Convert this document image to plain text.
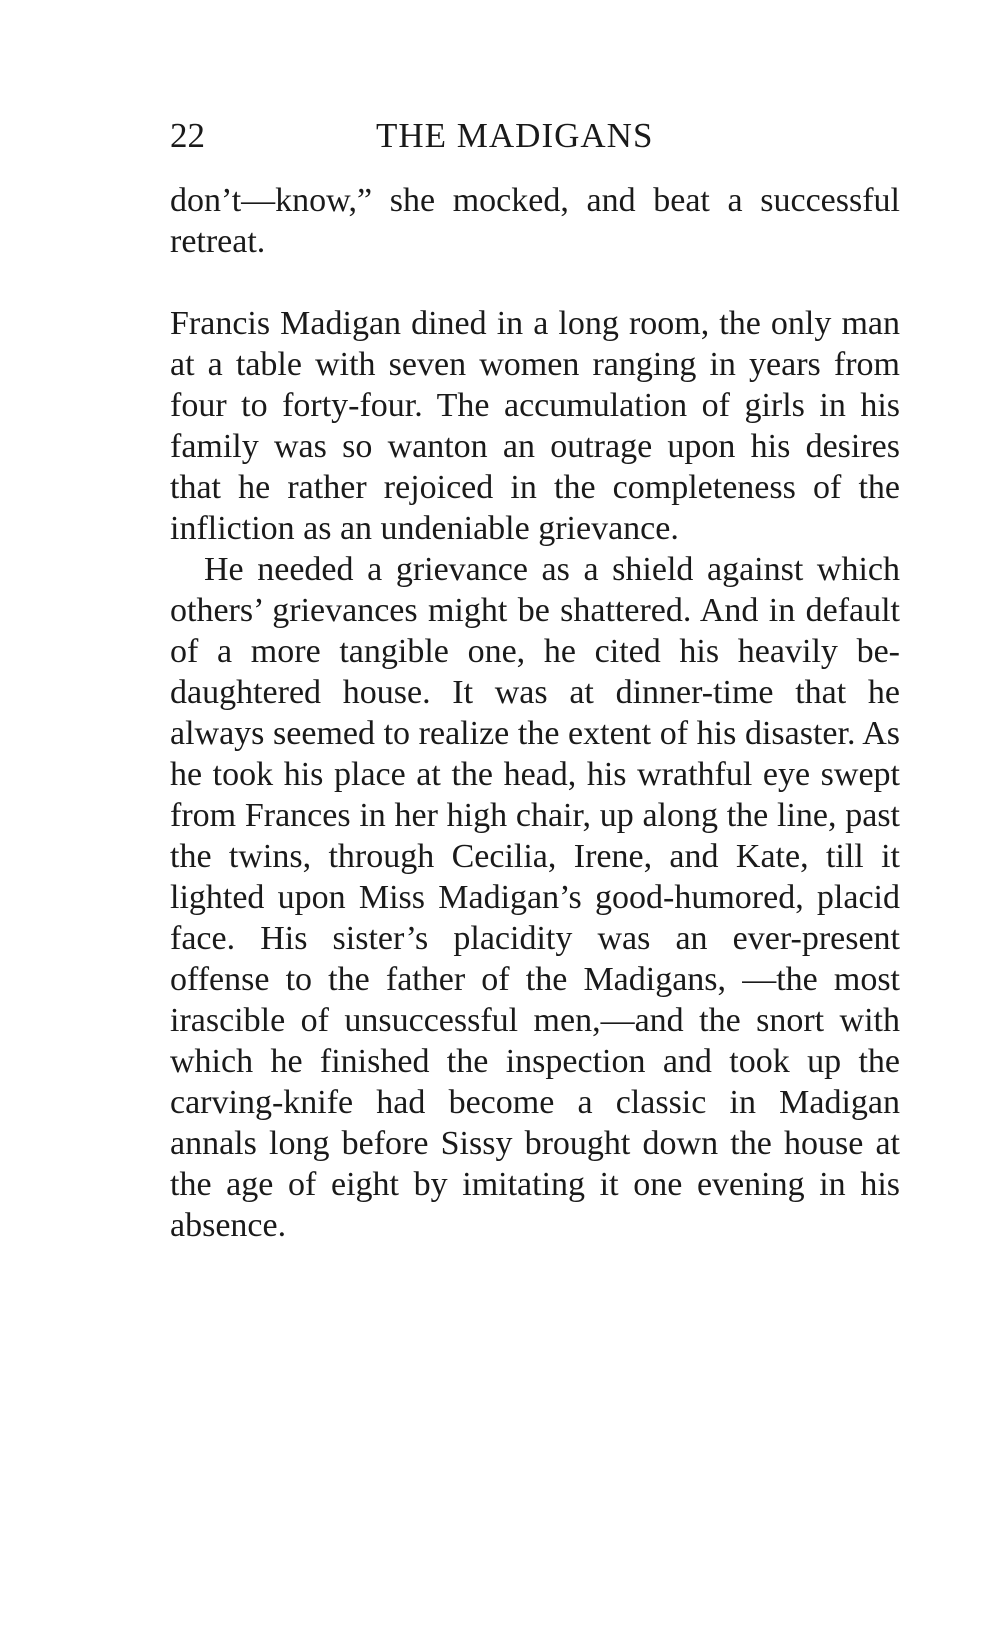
22	THE MADIGANS

don’t—know,” she mocked, and beat a successful retreat.

Francis Madigan dined in a long room, the only man at a table with seven women ranging in years from four to forty-four. The accumulation of girls in his family was so wanton an outrage upon his desires that he rather rejoiced in the completeness of the infliction as an undeniable grievance.

He needed a grievance as a shield against which others’ grievances might be shattered. And in default of a more tangible one, he cited his heavily be-daughtered house. It was at dinner-time that he always seemed to realize the extent of his disaster. As he took his place at the head, his wrathful eye swept from Frances in her high chair, up along the line, past the twins, through Cecilia, Irene, and Kate, till it lighted upon Miss Madigan’s good-humored, placid face. His sister’s placidity was an ever-present offense to the father of the Madigans, —the most irascible of unsuccessful men,—and the snort with which he finished the inspection and took up the carving-knife had become a classic in Madigan annals long before Sissy brought down the house at the age of eight by imitating it one evening in his absence.
